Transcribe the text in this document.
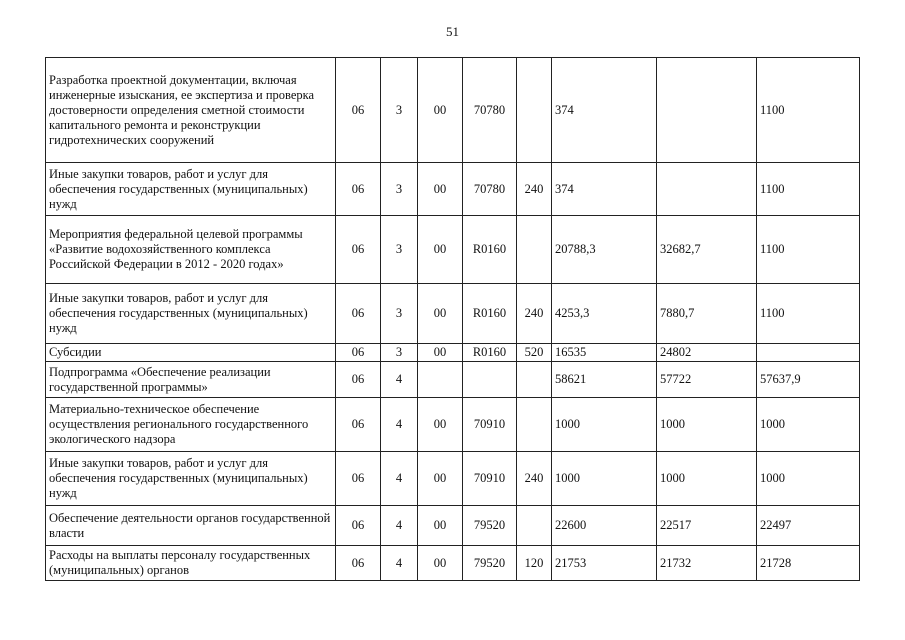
51
Разработка проектной документации, включая инженерные изыскания, ее экспертиза и проверка достоверности определения сметной стоимости капитального ремонта и реконструкции гидротехнических сооружений	06	3	00	70780		374		1100
Иные закупки товаров, работ и услуг для обеспечения государственных (муниципальных) нужд	06	3	00	70780	240	374		1100
Мероприятия федеральной целевой программы «Развитие водохозяйственного комплекса Российской Федерации в 2012 - 2020 годах»	06	3	00	R0160		20788,3	32682,7	1100
Иные закупки товаров, работ и услуг для обеспечения государственных (муниципальных) нужд	06	3	00	R0160	240	4253,3	7880,7	1100
Субсидии	06	3	00	R0160	520	16535	24802	
Подпрограмма «Обеспечение реализации государственной программы»	06	4				58621	57722	57637,9
Материально-техническое обеспечение осуществления регионального государственного экологического надзора	06	4	00	70910		1000	1000	1000
Иные закупки товаров, работ и услуг для обеспечения государственных (муниципальных) нужд	06	4	00	70910	240	1000	1000	1000
Обеспечение деятельности органов государственной власти	06	4	00	79520		22600	22517	22497
Расходы на выплаты персоналу государственных (муниципальных) органов	06	4	00	79520	120	21753	21732	21728
